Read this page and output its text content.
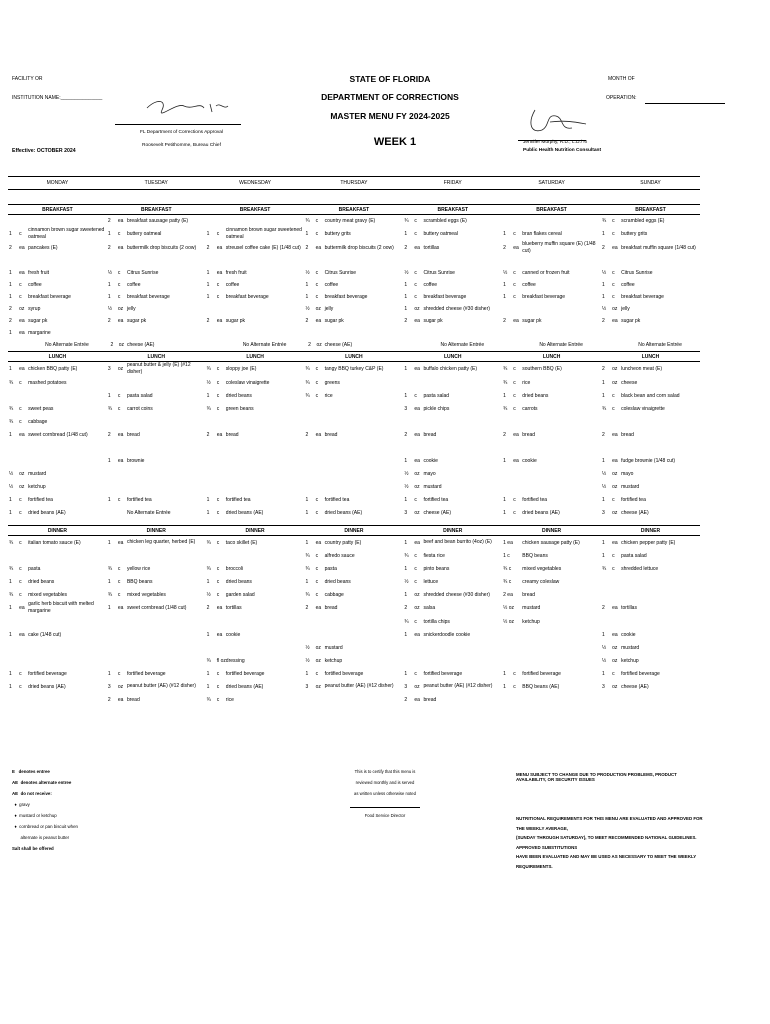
FACILITY OR
INSTITUTION NAME:_______________
MONTH OF
OPERATION:
STATE OF FLORIDA
DEPARTMENT OF CORRECTIONS
MASTER MENU FY 2024-2025
WEEK 1
FL Department of Corrections Approval
Roosevelt Petithomme, Bureau Chief
Effective: OCTOBER 2024
Jennifer Murphy, R.D., L.D./ N
Public Health Nutrition Consultant
MONDAY			TUESDAY			WEDNESDAY			THURSDAY			FRIDAY			SATURDAY			SUNDAY		

BREAKFAST			BREAKFAST			BREAKFAST			BREAKFAST			BREAKFAST			BREAKFAST			BREAKFAST		
			2	ea	breakfast sausage patty (E)				¾	c	country meat gravy (E)	¾	c	scrambled eggs (E)				¾	c	scrambled eggs (E)
1	c	cinnamon brown sugar sweetened oatmeal	1	c	buttery oatmeal	1	c	cinnamon brown sugar sweetened oatmeal	1	c	buttery grits	1	c	buttery oatmeal	1	c	bran flakes cereal	1	c	buttery grits
2	ea	pancakes (E)	2	ea	buttermilk drop biscuits (2 oow)	2	ea	streusel coffee cake (E) (1/48 cut)	2	ea	buttermilk drop biscuits (2 oow)	2	ea	tortillas	2	ea	blueberry muffin square (E) (1/48 cut)	2	ea	breakfast muffin square (1/48 cut)

1	ea	fresh fruit	½	c	Citrus Sunrise	1	ea	fresh fruit	½	c	Citrus Sunrise	½	c	Citrus Sunrise	½	c	canned or frozen fruit	½	c	Citrus Sunrise
1	c	coffee	1	c	coffee	1	c	coffee	1	c	coffee	1	c	coffee	1	c	coffee	1	c	coffee
1	c	breakfast beverage	1	c	breakfast beverage	1	c	breakfast beverage	1	c	breakfast beverage	1	c	breakfast beverage	1	c	breakfast beverage	1	c	breakfast beverage
2	oz	syrup	½	oz	jelly				½	oz	jelly	1	oz	shredded cheese (#30 disher)				½	oz	jelly
2	ea	sugar pk	2	ea	sugar pk	2	ea	sugar pk	2	ea	sugar pk	2	ea	sugar pk	2	ea	sugar pk	2	ea	sugar pk
1	ea	margarine																		
		No Alternate Entrée	2	oz	cheese (AE)			No Alternate Entrée	2	oz	cheese (AE)			No Alternate Entrée			No Alternate Entrée			No Alternate Entrée
LUNCH			LUNCH			LUNCH			LUNCH			LUNCH			LUNCH			LUNCH		
1	ea	chicken BBQ patty (E)	3	oz	peanut butter & jelly (E) (#12 disher)	¾	c	sloppy joe (E)	¾	c	tangy BBQ turkey C&P (E)	1	ea	buffalo chicken patty (E)	¾	c	southern BBQ (E)	2	oz	luncheon meat (E)
¾	c	mashed potatoes				½	c	coleslaw vinaigrette	¾	c	greens				¾	c	rice	1	oz	cheese
			1	c	pasta salad	1	c	dried beans	¾	c	rice	1	c	pasta salad	1	c	dried beans	1	c	black bean and corn salad
¾	c	sweet peas	¾	c	carrot coins	¾	c	green beans				3	ea	pickle chips	¾	c	carrots	¾	c	coleslaw vinaigrette
¾	c	cabbage																		
1	ea	sweet cornbread (1/48 cut)	2	ea	bread	2	ea	bread	2	ea	bread	2	ea	bread	2	ea	bread	2	ea	bread

			1	ea	brownie							1	ea	cookie	1	ea	cookie	1	ea	fudge brownie (1/48 cut)
½	oz	mustard										½	oz	mayo				½	oz	mayo
½	oz	ketchup										½	oz	mustard				½	oz	mustard
1	c	fortified tea	1	c	fortified tea	1	c	fortified tea	1	c	fortified tea	1	c	fortified tea	1	c	fortified tea	1	c	fortified tea
1	c	dried beans (AE)			No Alternate Entrée	1	c	dried beans (AE)	1	c	dried beans (AE)	3	oz	cheese (AE)	1	c	dried beans (AE)	3	oz	cheese (AE)

DINNER			DINNER			DINNER			DINNER			DINNER			DINNER			DINNER		
¾	c	italian tomato sauce (E)	1	ea	chicken leg quarter, herbed (E)	¾	c	taco skillet (E)	1	ea	country patty (E)	1	ea	beef and bean burrito (4oz) (E)	1 ea		chicken sausage patty (E)	1	ea	chicken pepper patty (E)
									¾	c	alfredo sauce	¾	c	fiesta rice	1 c		BBQ beans	1	c	pasta salad
¾	c	pasta	¾	c	yellow rice	¾	c	broccoli	¾	c	pasta	1	c	pinto beans	¾ c		mixed vegetables	¾	c	shredded lettuce
1	c	dried beans	1	c	BBQ beans	1	c	dried beans	1	c	dried beans	½	c	lettuce	¾ c		creamy coleslaw			
¾	c	mixed vegetables	¾	c	mixed vegetables	½	c	garden salad	¾	c	cabbage	1	oz	shredded cheese (#30 disher)	2 ea		bread			
1	ea	garlic herb biscuit with melted margarine	1	ea	sweet cornbread (1/48 cut)	2	ea	tortillas	2	ea	bread	2	oz	salsa	½ oz		mustard	2	ea	tortillas
												¾	c	tortilla chips	½ oz		ketchup			
1	ea	cake (1/48 cut)				1	ea	cookie				1	ea	snickerdoodle cookie				1	ea	cookie
									½	oz	mustard							½	oz	mustard
						¾	fl oz	dressing	½	oz	ketchup							½	oz	ketchup
1	c	fortified beverage	1	c	fortified beverage	1	c	fortified beverage	1	c	fortified beverage	1	c	fortified beverage	1	c	fortified beverage	1	c	fortified beverage
1	c	dried beans (AE)	3	oz	peanut butter (AE) (#12 disher)	1	c	dried beans (AE)	3	oz	peanut butter (AE) (#12 disher)	3	oz	peanut butter (AE) (#12 disher)	1	c	BBQ beans (AE)	3	oz	cheese (AE)
			2	ea	bread	¾	c	rice				2	ea	bread						
E denotes entree
AE denotes alternate entree
AE do not receive:
♦  gravy
♦  mustard or ketchup
♦  cornbread or pan biscuit when
alternate is peanut butter
Salt shall be offered
This is to certify that this menu is
reviewed monthly and is served
as written unless otherwise noted
Food Service Director
MENU SUBJECT TO CHANGE DUE TO PRODUCTION PROBLEMS, PRODUCT AVAILABILITY, OR SECURITY ISSUES
NUTRITIONAL REQUIREMENTS FOR THIS MENU ARE EVALUATED AND APPROVED FOR THE WEEKLY AVERAGE,
(SUNDAY THROUGH SATURDAY), TO MEET RECOMMENDED NATIONAL GUIDELINES. APPROVED SUBSTITUTIONS
HAVE BEEN EVALUATED AND MAY BE USED AS NECESSARY TO MEET THE WEEKLY REQUIREMENTS.
